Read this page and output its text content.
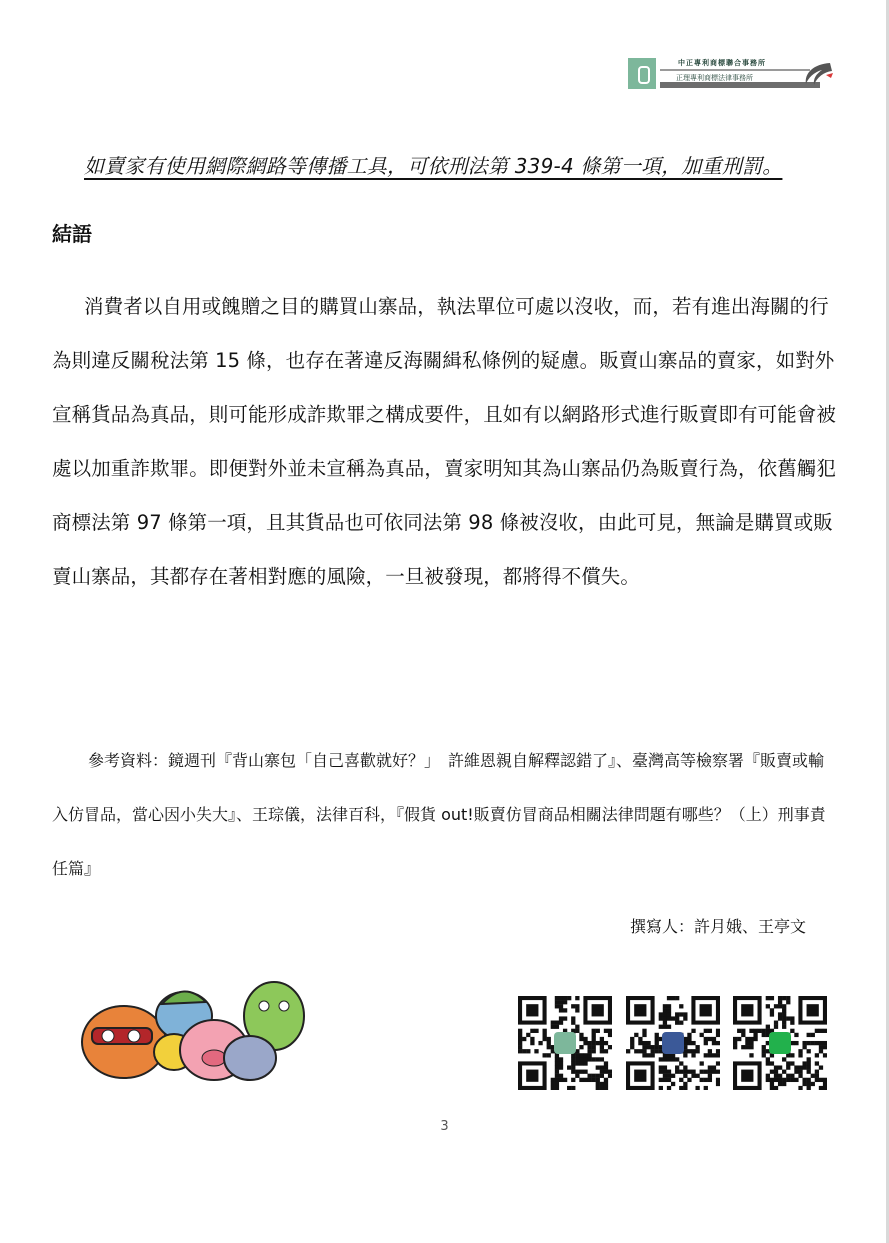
中正專利商標聯合事務所
正理專利商標法律事務所
如賣家有使用網際網路等傳播工具，可依刑法第 339-4 條第一項，加重刑罰。
結語

消費者以自用或餽贈之目的購買山寨品，執法單位可處以沒收，而，若有進出海關的行為則違反關稅法第 15 條，也存在著違反海關緝私條例的疑慮。販賣山寨品的賣家，如對外宣稱貨品為真品，則可能形成詐欺罪之構成要件，且如有以網路形式進行販賣即有可能會被處以加重詐欺罪。即便對外並未宣稱為真品，賣家明知其為山寨品仍為販賣行為，依舊觸犯商標法第 97 條第一項，且其貨品也可依同法第 98 條被沒收，由此可見，無論是購買或販賣山寨品，其都存在著相對應的風險，一旦被發現，都將得不償失。

參考資料：鏡週刊『背山寨包「自己喜歡就好？」　許維恩親自解釋認錯了』、臺灣高等檢察署『販賣或輸入仿冒品，當心因小失大』、王琮儀，法律百科，『假貨 out!販賣仿冒商品相關法律問題有哪些？（上）刑事責任篇』

撰寫人：許月娥、王亭文
3
